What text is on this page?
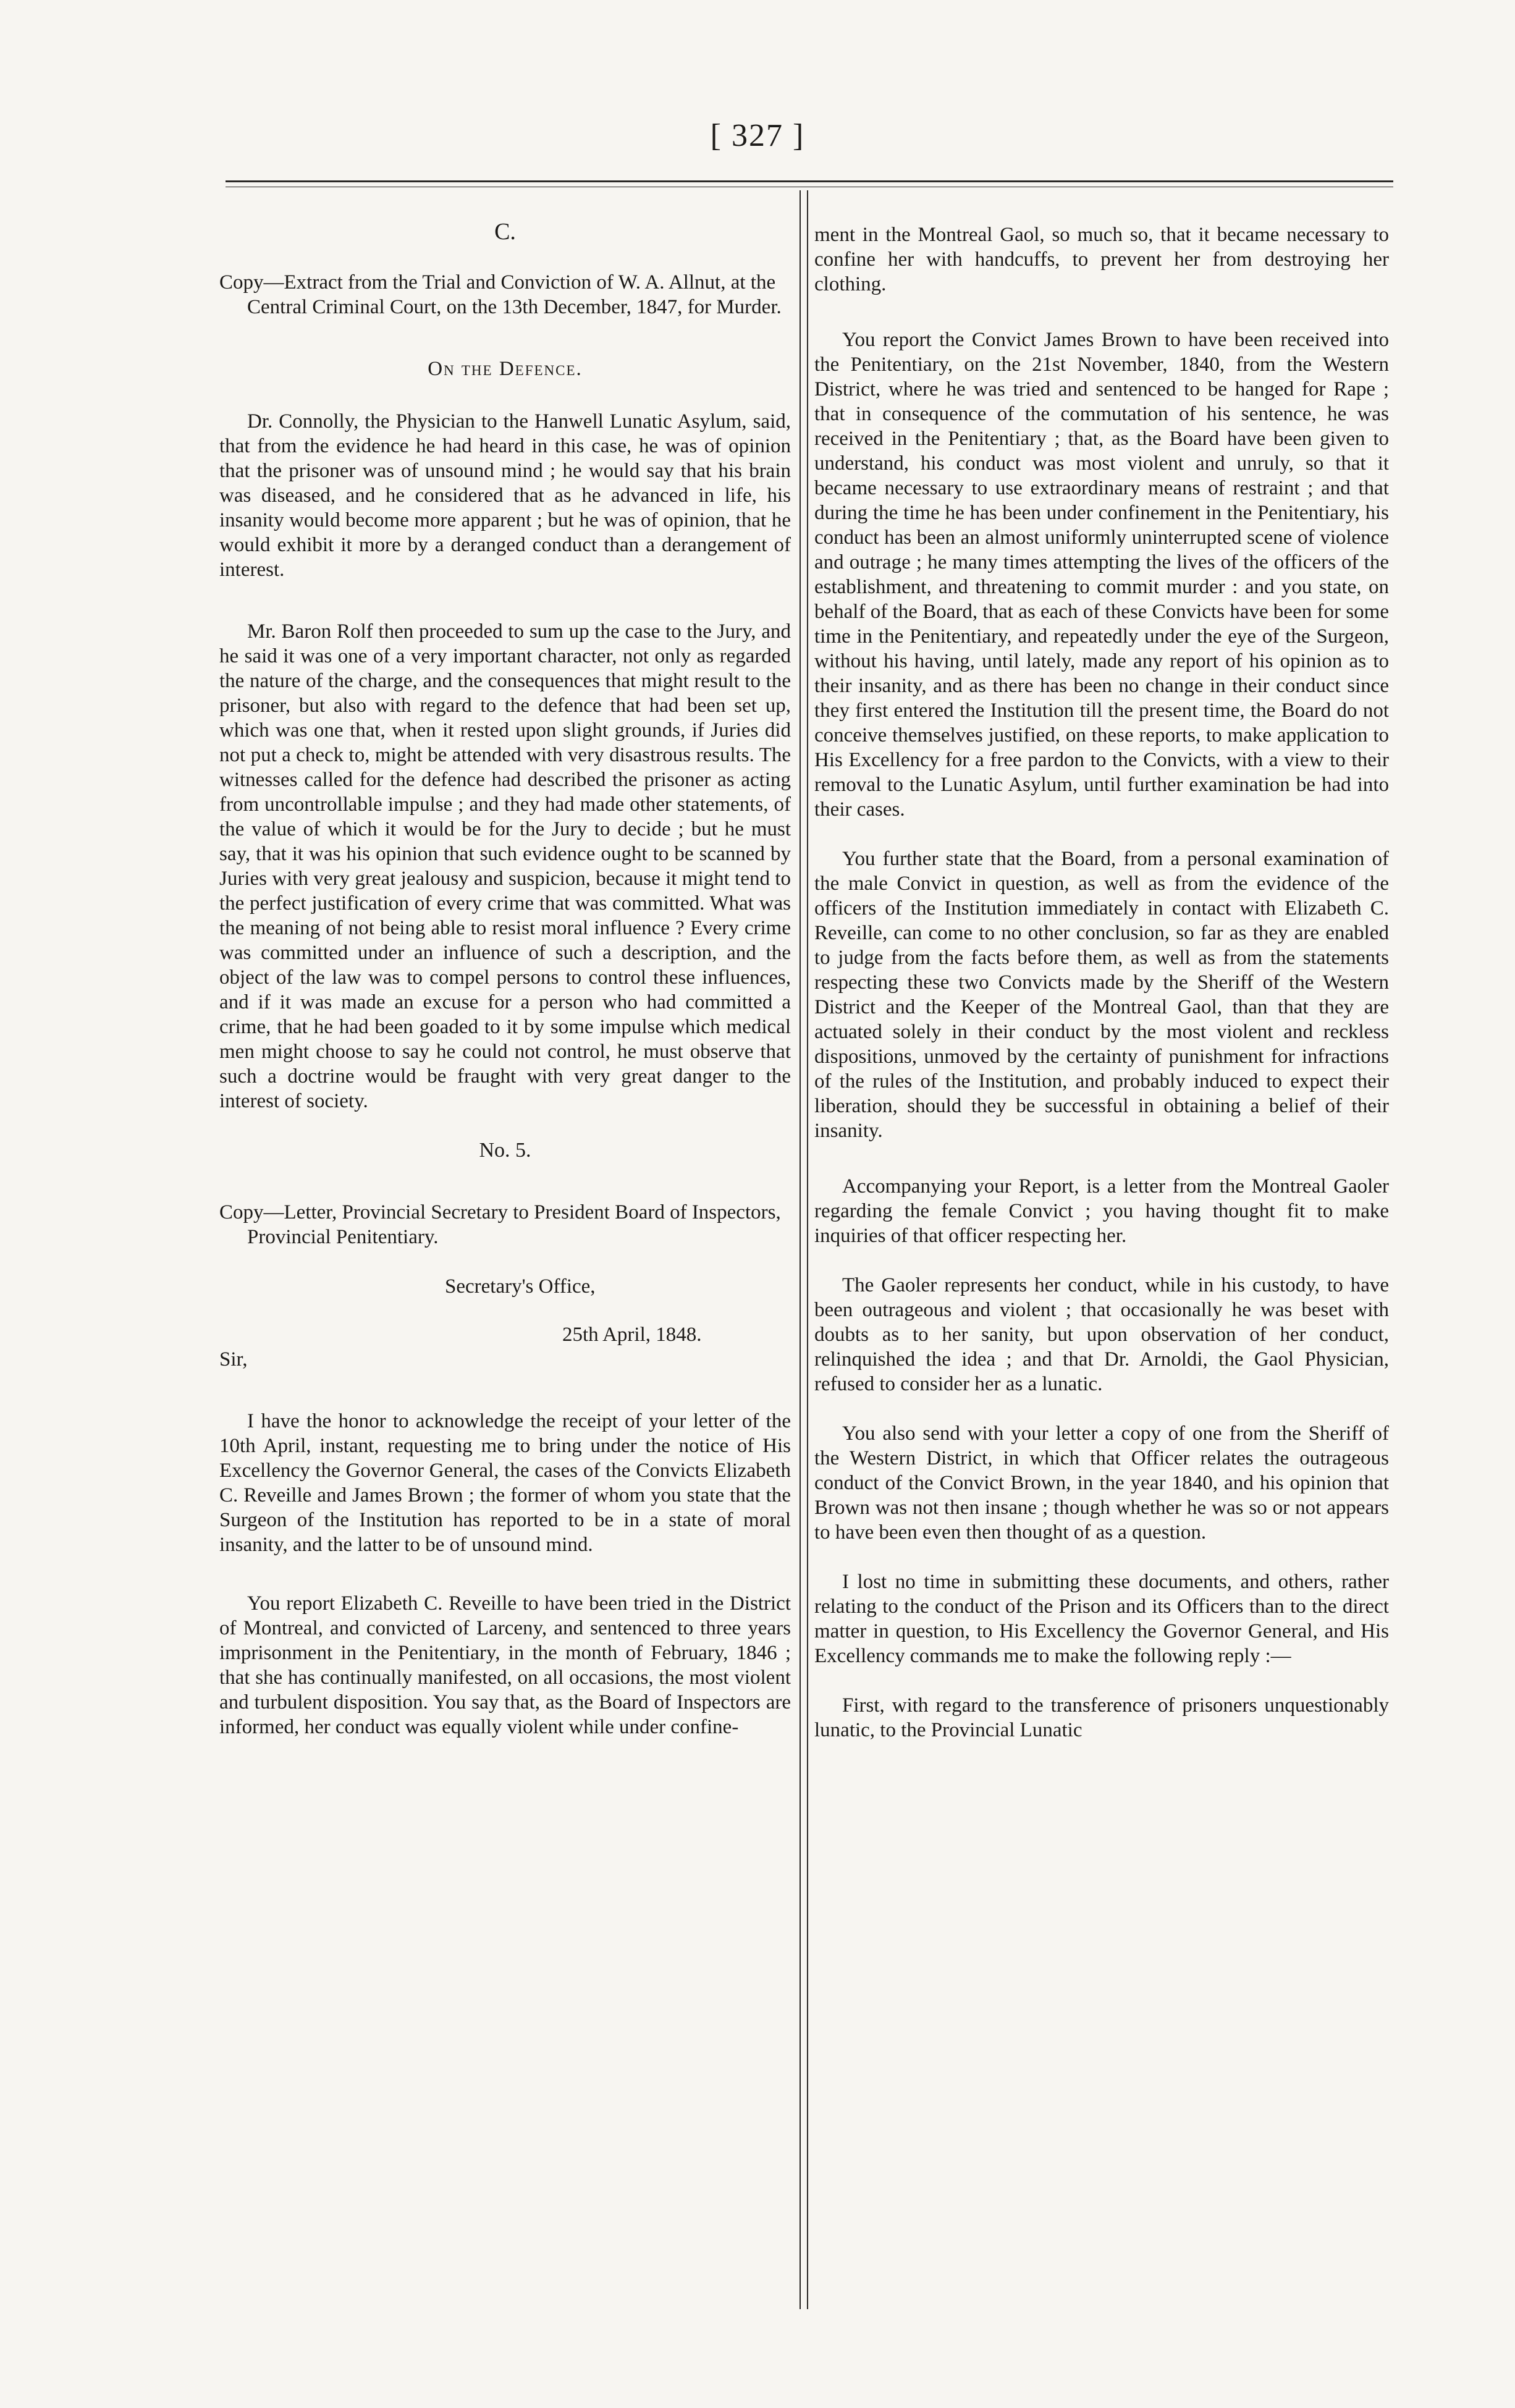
[ 327 ]
C.

Copy—Extract from the Trial and Conviction of W. A. Allnut, at the Central Criminal Court, on the 13th December, 1847, for Murder.

On the Defence.

Dr. Connolly, the Physician to the Hanwell Lunatic Asylum, said, that from the evidence he had heard in this case, he was of opinion that the prisoner was of unsound mind ; he would say that his brain was diseased, and he considered that as he advanced in life, his insanity would become more apparent ; but he was of opinion, that he would exhibit it more by a deranged conduct than a derangement of interest.

Mr. Baron Rolf then proceeded to sum up the case to the Jury, and he said it was one of a very important character, not only as regarded the nature of the charge, and the consequences that might result to the prisoner, but also with regard to the defence that had been set up, which was one that, when it rested upon slight grounds, if Juries did not put a check to, might be attended with very disastrous results. The witnesses called for the defence had described the prisoner as acting from uncontrollable impulse ; and they had made other statements, of the value of which it would be for the Jury to decide ; but he must say, that it was his opinion that such evidence ought to be scanned by Juries with very great jealousy and suspicion, because it might tend to the perfect justification of every crime that was committed. What was the meaning of not being able to resist moral influence ? Every crime was committed under an influence of such a description, and the object of the law was to compel persons to control these influences, and if it was made an excuse for a person who had committed a crime, that he had been goaded to it by some impulse which medical men might choose to say he could not control, he must observe that such a doctrine would be fraught with very great danger to the interest of society.

No. 5.

Copy—Letter, Provincial Secretary to President Board of Inspectors, Provincial Penitentiary.

Secretary's Office,

25th April, 1848.

Sir,

I have the honor to acknowledge the receipt of your letter of the 10th April, instant, requesting me to bring under the notice of His Excellency the Governor General, the cases of the Convicts Elizabeth C. Reveille and James Brown ; the former of whom you state that the Surgeon of the Institution has reported to be in a state of moral insanity, and the latter to be of unsound mind.

You report Elizabeth C. Reveille to have been tried in the District of Montreal, and convicted of Larceny, and sentenced to three years imprisonment in the Penitentiary, in the month of February, 1846 ; that she has continually manifested, on all occasions, the most violent and turbulent disposition. You say that, as the Board of Inspectors are informed, her conduct was equally violent while under confine-

ment in the Montreal Gaol, so much so, that it became necessary to confine her with handcuffs, to prevent her from destroying her clothing.

You report the Convict James Brown to have been received into the Penitentiary, on the 21st November, 1840, from the Western District, where he was tried and sentenced to be hanged for Rape ; that in consequence of the commutation of his sentence, he was received in the Penitentiary ; that, as the Board have been given to understand, his conduct was most violent and unruly, so that it became necessary to use extraordinary means of restraint ; and that during the time he has been under confinement in the Penitentiary, his conduct has been an almost uniformly uninterrupted scene of violence and outrage ; he many times attempting the lives of the officers of the establishment, and threatening to commit murder : and you state, on behalf of the Board, that as each of these Convicts have been for some time in the Penitentiary, and repeatedly under the eye of the Surgeon, without his having, until lately, made any report of his opinion as to their insanity, and as there has been no change in their conduct since they first entered the Institution till the present time, the Board do not conceive themselves justified, on these reports, to make application to His Excellency for a free pardon to the Convicts, with a view to their removal to the Lunatic Asylum, until further examination be had into their cases.

You further state that the Board, from a personal examination of the male Convict in question, as well as from the evidence of the officers of the Institution immediately in contact with Elizabeth C. Reveille, can come to no other conclusion, so far as they are enabled to judge from the facts before them, as well as from the statements respecting these two Convicts made by the Sheriff of the Western District and the Keeper of the Montreal Gaol, than that they are actuated solely in their conduct by the most violent and reckless dispositions, unmoved by the certainty of punishment for infractions of the rules of the Institution, and probably induced to expect their liberation, should they be successful in obtaining a belief of their insanity.

Accompanying your Report, is a letter from the Montreal Gaoler regarding the female Convict ; you having thought fit to make inquiries of that officer respecting her.

The Gaoler represents her conduct, while in his custody, to have been outrageous and violent ; that occasionally he was beset with doubts as to her sanity, but upon observation of her conduct, relinquished the idea ; and that Dr. Arnoldi, the Gaol Physician, refused to consider her as a lunatic.

You also send with your letter a copy of one from the Sheriff of the Western District, in which that Officer relates the outrageous conduct of the Convict Brown, in the year 1840, and his opinion that Brown was not then insane ; though whether he was so or not appears to have been even then thought of as a question.

I lost no time in submitting these documents, and others, rather relating to the conduct of the Prison and its Officers than to the direct matter in question, to His Excellency the Governor General, and His Excellency commands me to make the following reply :—

First, with regard to the transference of prisoners unquestionably lunatic, to the Provincial Lunatic
